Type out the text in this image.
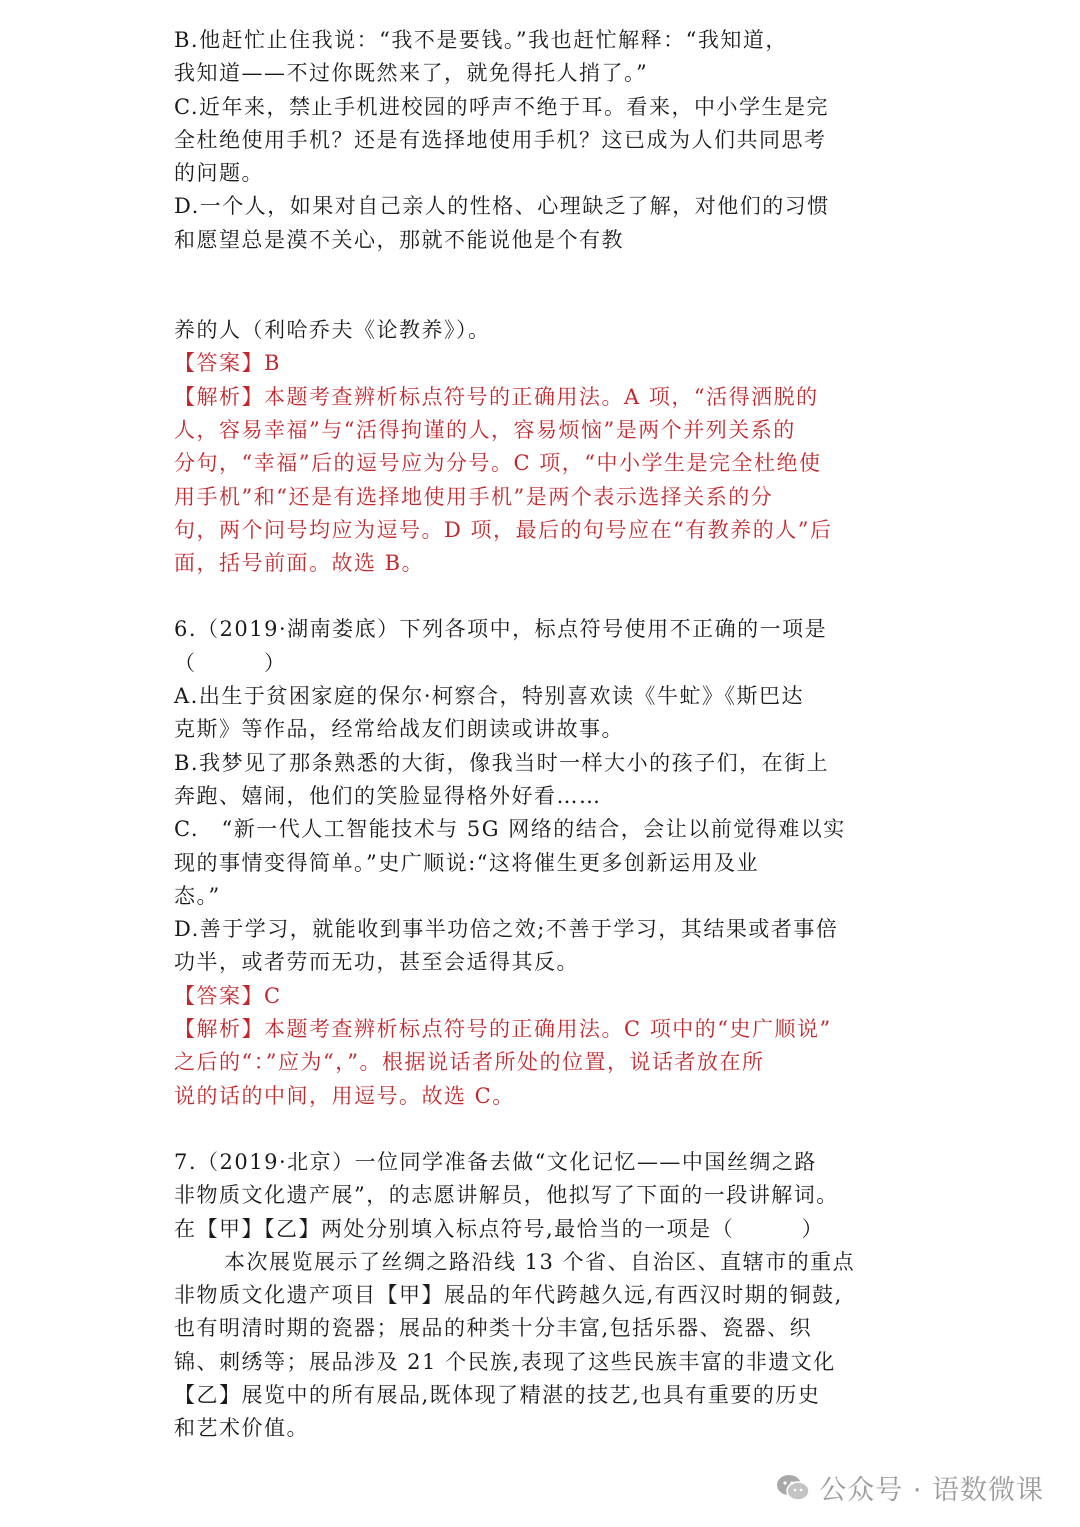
B.他赶忙止住我说：“我不是要钱。”我也赶忙解释：“我知道，
我知道——不过你既然来了，就免得托人捎了。”
C.近年来，禁止手机进校园的呼声不绝于耳。看来，中小学生是完
全杜绝使用手机？还是有选择地使用手机？这已成为人们共同思考
的问题。
D.一个人，如果对自己亲人的性格、心理缺乏了解，对他们的习惯
和愿望总是漠不关心，那就不能说他是个有教
养的人（利哈乔夫《论教养》）。
【答案】B
【解析】本题考查辨析标点符号的正确用法。A 项，“活得洒脱的
人，容易幸福”与“活得拘谨的人，容易烦恼”是两个并列关系的
分句，“幸福”后的逗号应为分号。C 项，“中小学生是完全杜绝使
用手机”和“还是有选择地使用手机”是两个表示选择关系的分
句，两个问号均应为逗号。D 项，最后的句号应在“有教养的人”后
面，括号前面。故选 B。
6.（2019·湖南娄底）下列各项中，标点符号使用不正确的一项是
（　　　）
A.出生于贫困家庭的保尔·柯察合，特别喜欢读《牛虻》《斯巴达
克斯》等作品，经常给战友们朗读或讲故事。
B.我梦见了那条熟悉的大街，像我当时一样大小的孩子们，在街上
奔跑、嬉闹，他们的笑脸显得格外好看……
C.　“新一代人工智能技术与 5G 网络的结合，会让以前觉得难以实
现的事情变得简单。”史广顺说:“这将催生更多创新运用及业
态。”
D.善于学习，就能收到事半功倍之效;不善于学习，其结果或者事倍
功半，或者劳而无功，甚至会适得其反。
【答案】C
【解析】本题考查辨析标点符号的正确用法。C 项中的“史广顺说”
之后的“：”应为“，”。根据说话者所处的位置，说话者放在所
说的话的中间，用逗号。故选 C。
7.（2019·北京）一位同学准备去做“文化记忆——中国丝绸之路
非物质文化遗产展”，的志愿讲解员，他拟写了下面的一段讲解词。
在【甲】【乙】两处分别填入标点符号,最恰当的一项是（　　　）
本次展览展示了丝绸之路沿线 13 个省、自治区、直辖市的重点
非物质文化遗产项目【甲】展品的年代跨越久远,有西汉时期的铜鼓,
也有明清时期的瓷器；展品的种类十分丰富,包括乐器、瓷器、织
锦、刺绣等；展品涉及 21 个民族,表现了这些民族丰富的非遗文化
【乙】展览中的所有展品,既体现了精湛的技艺,也具有重要的历史
和艺术价值。
公众号 · 语数微课
